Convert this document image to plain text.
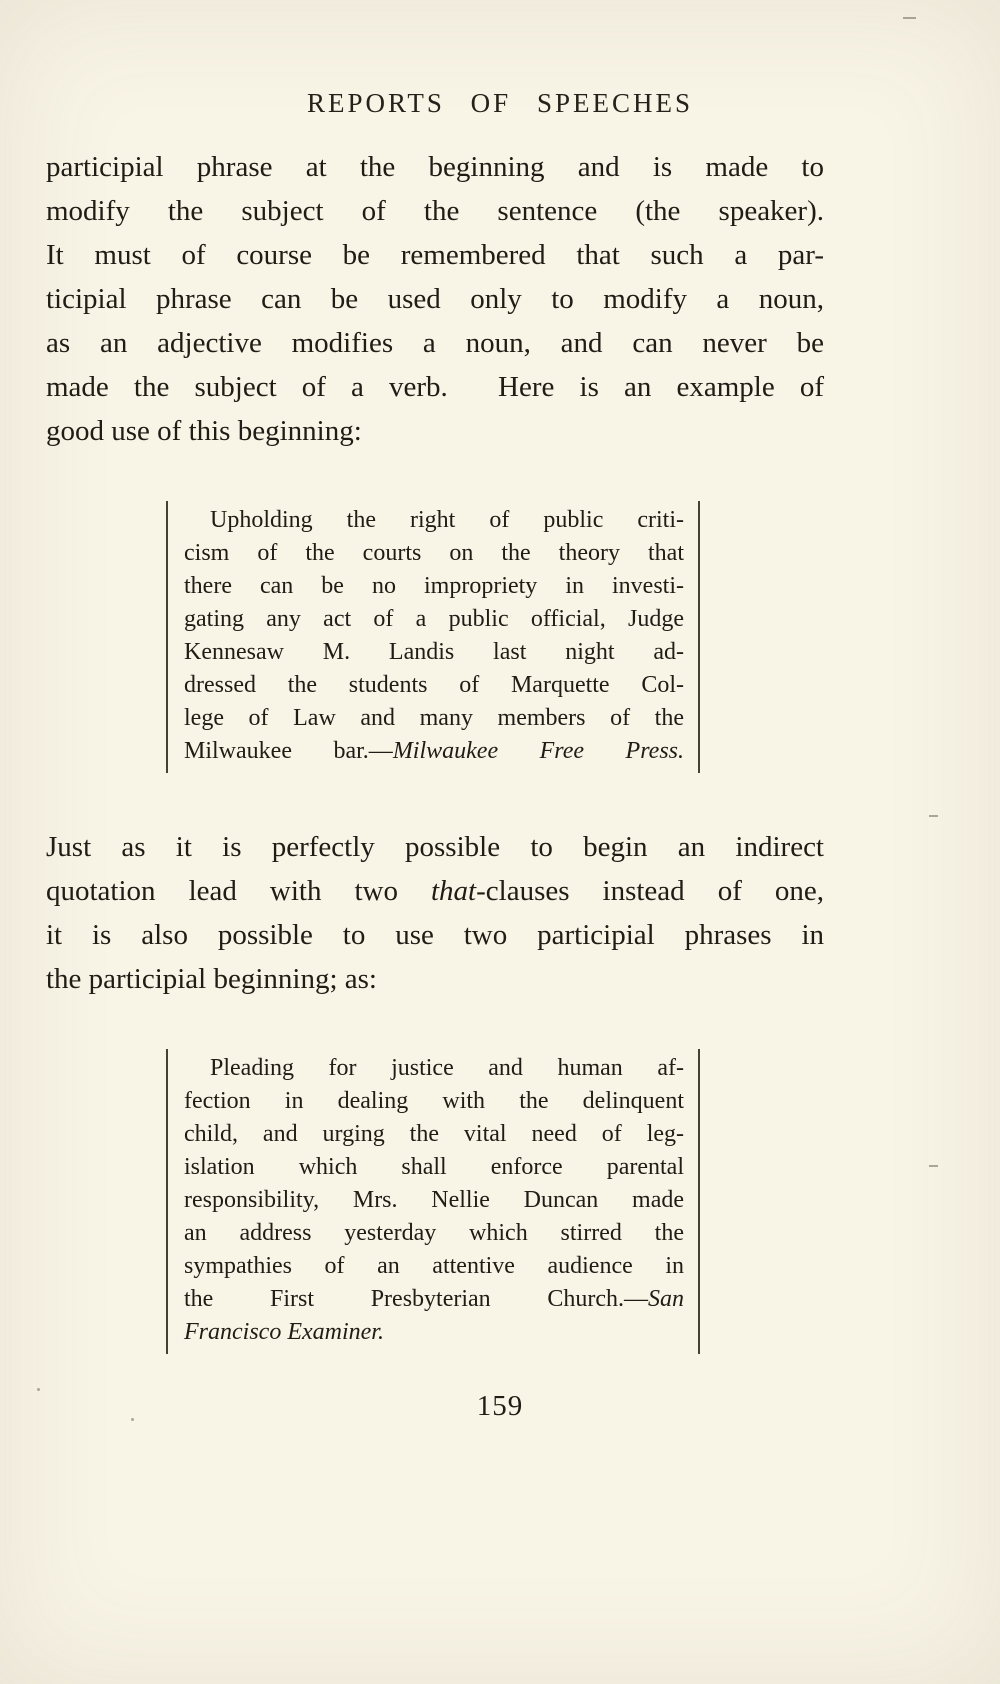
REPORTS OF SPEECHES
participial phrase at the beginning and is made to
modify the subject of the sentence (the speaker).
It must of course be remembered that such a par-
ticipial phrase can be used only to modify a noun,
as an adjective modifies a noun, and can never be
made the subject of a verb.  Here is an example of
good use of this beginning:
Upholding the right of public criti-
cism of the courts on the theory that
there can be no impropriety in investi-
gating any act of a public official, Judge
Kennesaw M. Landis last night ad-
dressed the students of Marquette Col-
lege of Law and many members of the
Milwaukee bar.—Milwaukee Free Press.
Just as it is perfectly possible to begin an indirect
quotation lead with two that-clauses instead of one,
it is also possible to use two participial phrases in
the participial beginning; as:
Pleading for justice and human af-
fection in dealing with the delinquent
child, and urging the vital need of leg-
islation which shall enforce parental
responsibility, Mrs. Nellie Duncan made
an address yesterday which stirred the
sympathies of an attentive audience in
the First Presbyterian Church.—San
Francisco Examiner.
159
